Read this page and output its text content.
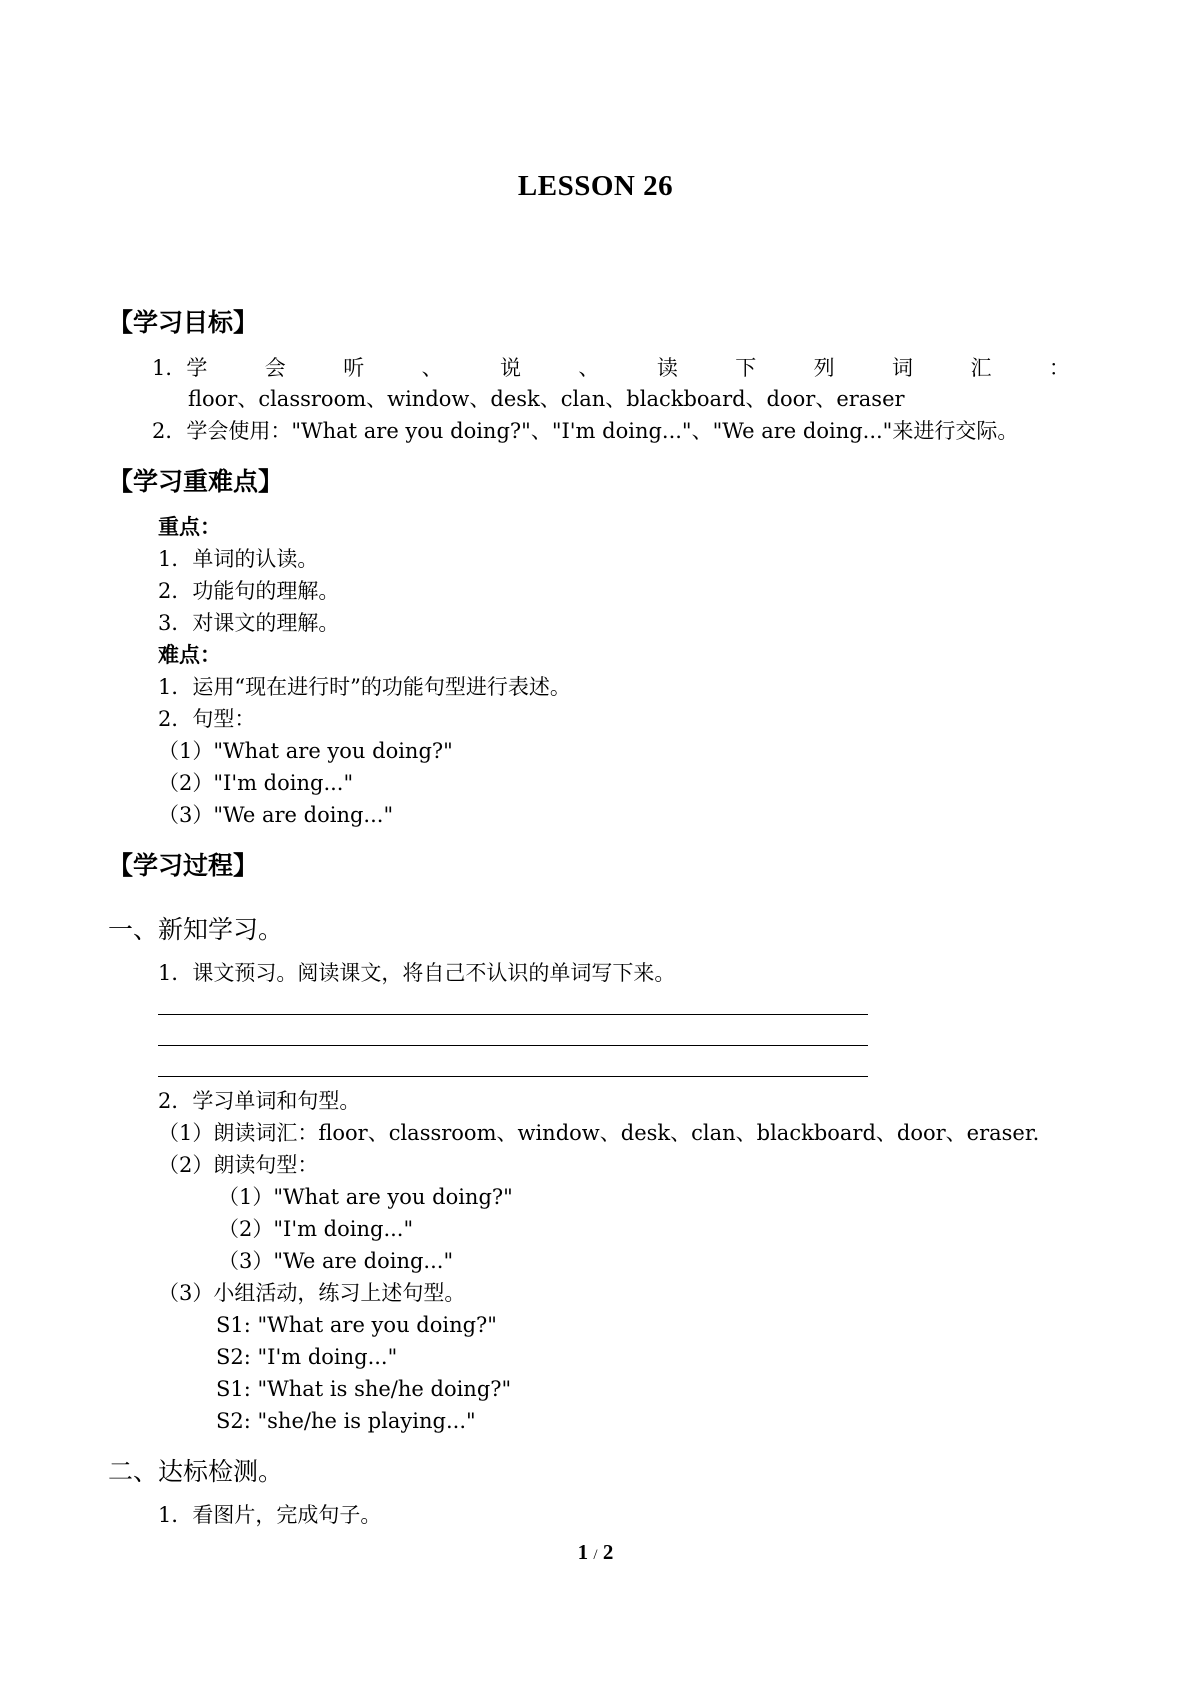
LESSON 26
【学习目标】
1．学	会	听	、	说	、	读	下	列	词	汇	：
floor、classroom、window、desk、clan、blackboard、door、eraser
2．学会使用："What are you doing?"、"I'm doing..."、"We are doing..."来进行交际。
【学习重难点】
重点：
1．单词的认读。
2．功能句的理解。
3．对课文的理解。
难点：
1．运用“现在进行时”的功能句型进行表述。
2．句型：
（1）"What are you doing?"
（2）"I'm doing..."
（3）"We are doing..."
【学习过程】
一、新知学习。
1．课文预习。阅读课文，将自己不认识的单词写下来。
2．学习单词和句型。
（1）朗读词汇：floor、classroom、window、desk、clan、blackboard、door、eraser.
（2）朗读句型：
（1）"What are you doing?"
（2）"I'm doing..."
（3）"We are doing..."
（3）小组活动，练习上述句型。
S1: "What are you doing?"
S2: "I'm doing..."
S1: "What is she/he doing?"
S2: "she/he is playing..."
二、达标检测。
1．看图片，完成句子。
1 / 2
